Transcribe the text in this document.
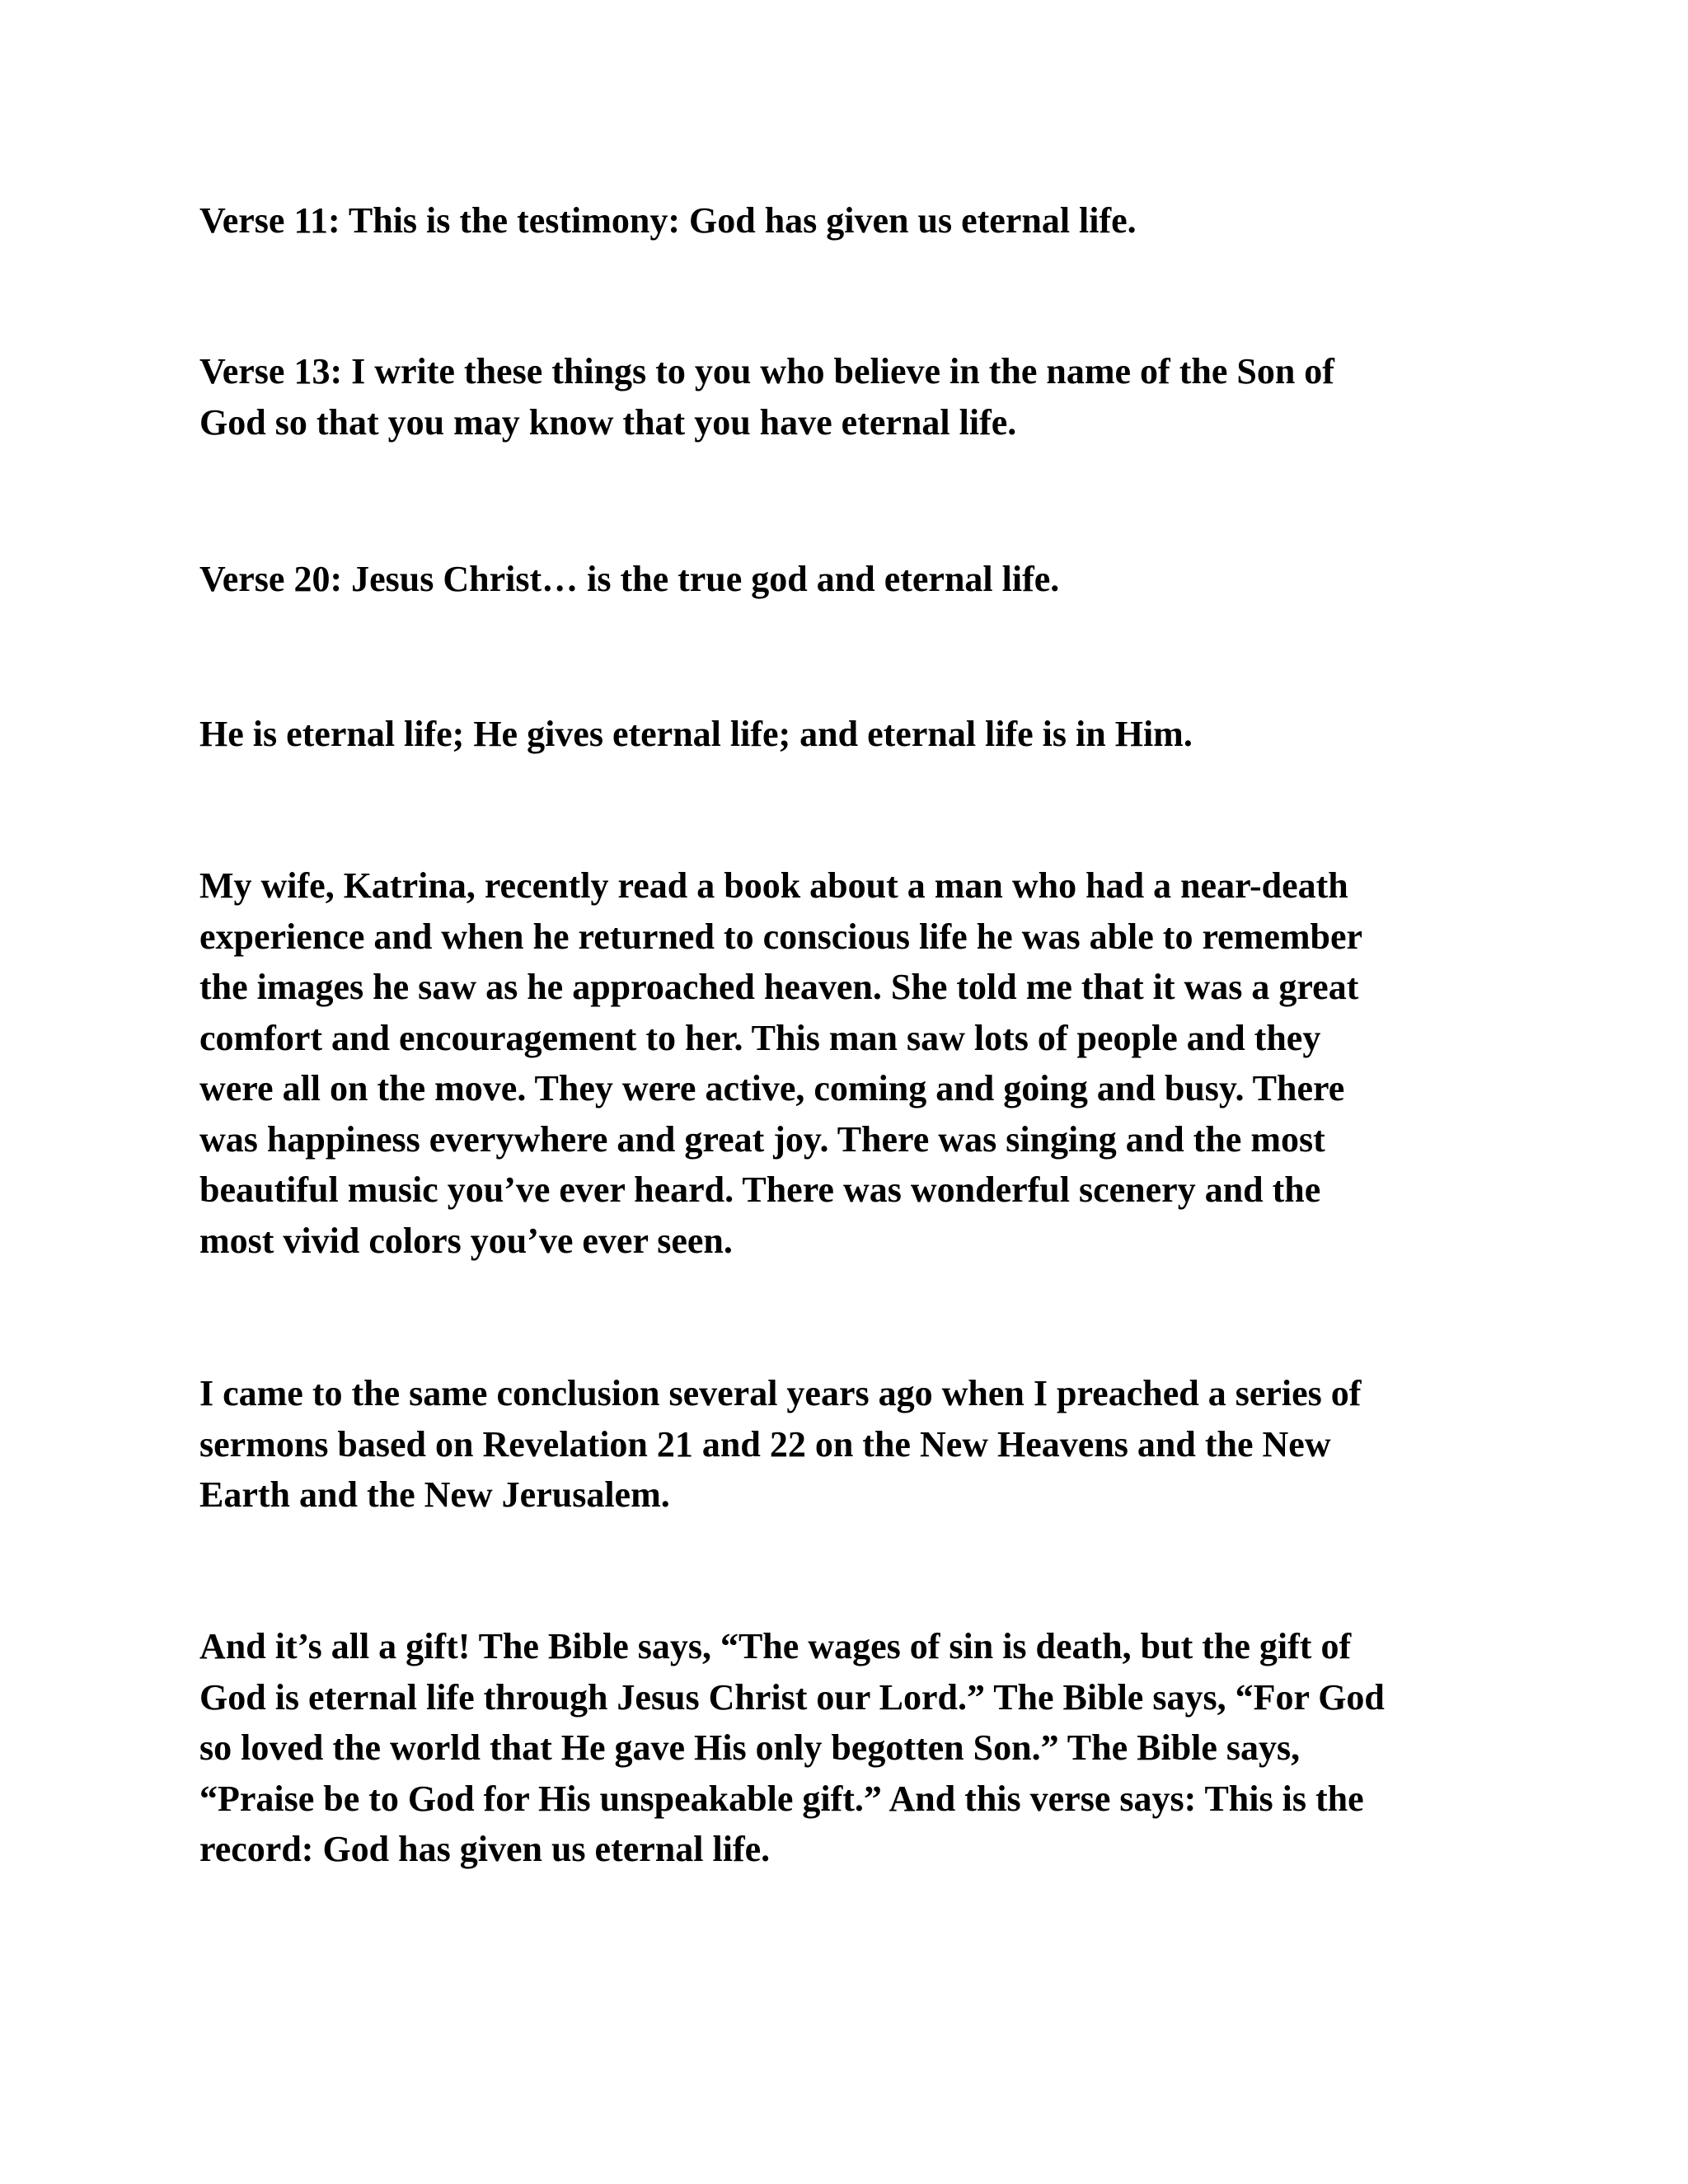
Verse 11: This is the testimony: God has given us eternal life.

Verse 13: I write these things to you who believe in the name of the Son of
God so that you may know that you have eternal life.

Verse 20: Jesus Christ… is the true god and eternal life.

He is eternal life; He gives eternal life; and eternal life is in Him.

My wife, Katrina, recently read a book about a man who had a near-death
experience and when he returned to conscious life he was able to remember
the images he saw as he approached heaven. She told me that it was a great
comfort and encouragement to her. This man saw lots of people and they
were all on the move. They were active, coming and going and busy. There
was happiness everywhere and great joy. There was singing and the most
beautiful music you’ve ever heard. There was wonderful scenery and the
most vivid colors you’ve ever seen.

I came to the same conclusion several years ago when I preached a series of
sermons based on Revelation 21 and 22 on the New Heavens and the New
Earth and the New Jerusalem.

And it’s all a gift! The Bible says, “The wages of sin is death, but the gift of
God is eternal life through Jesus Christ our Lord.” The Bible says, “For God
so loved the world that He gave His only begotten Son.” The Bible says,
“Praise be to God for His unspeakable gift.” And this verse says: This is the
record: God has given us eternal life.
